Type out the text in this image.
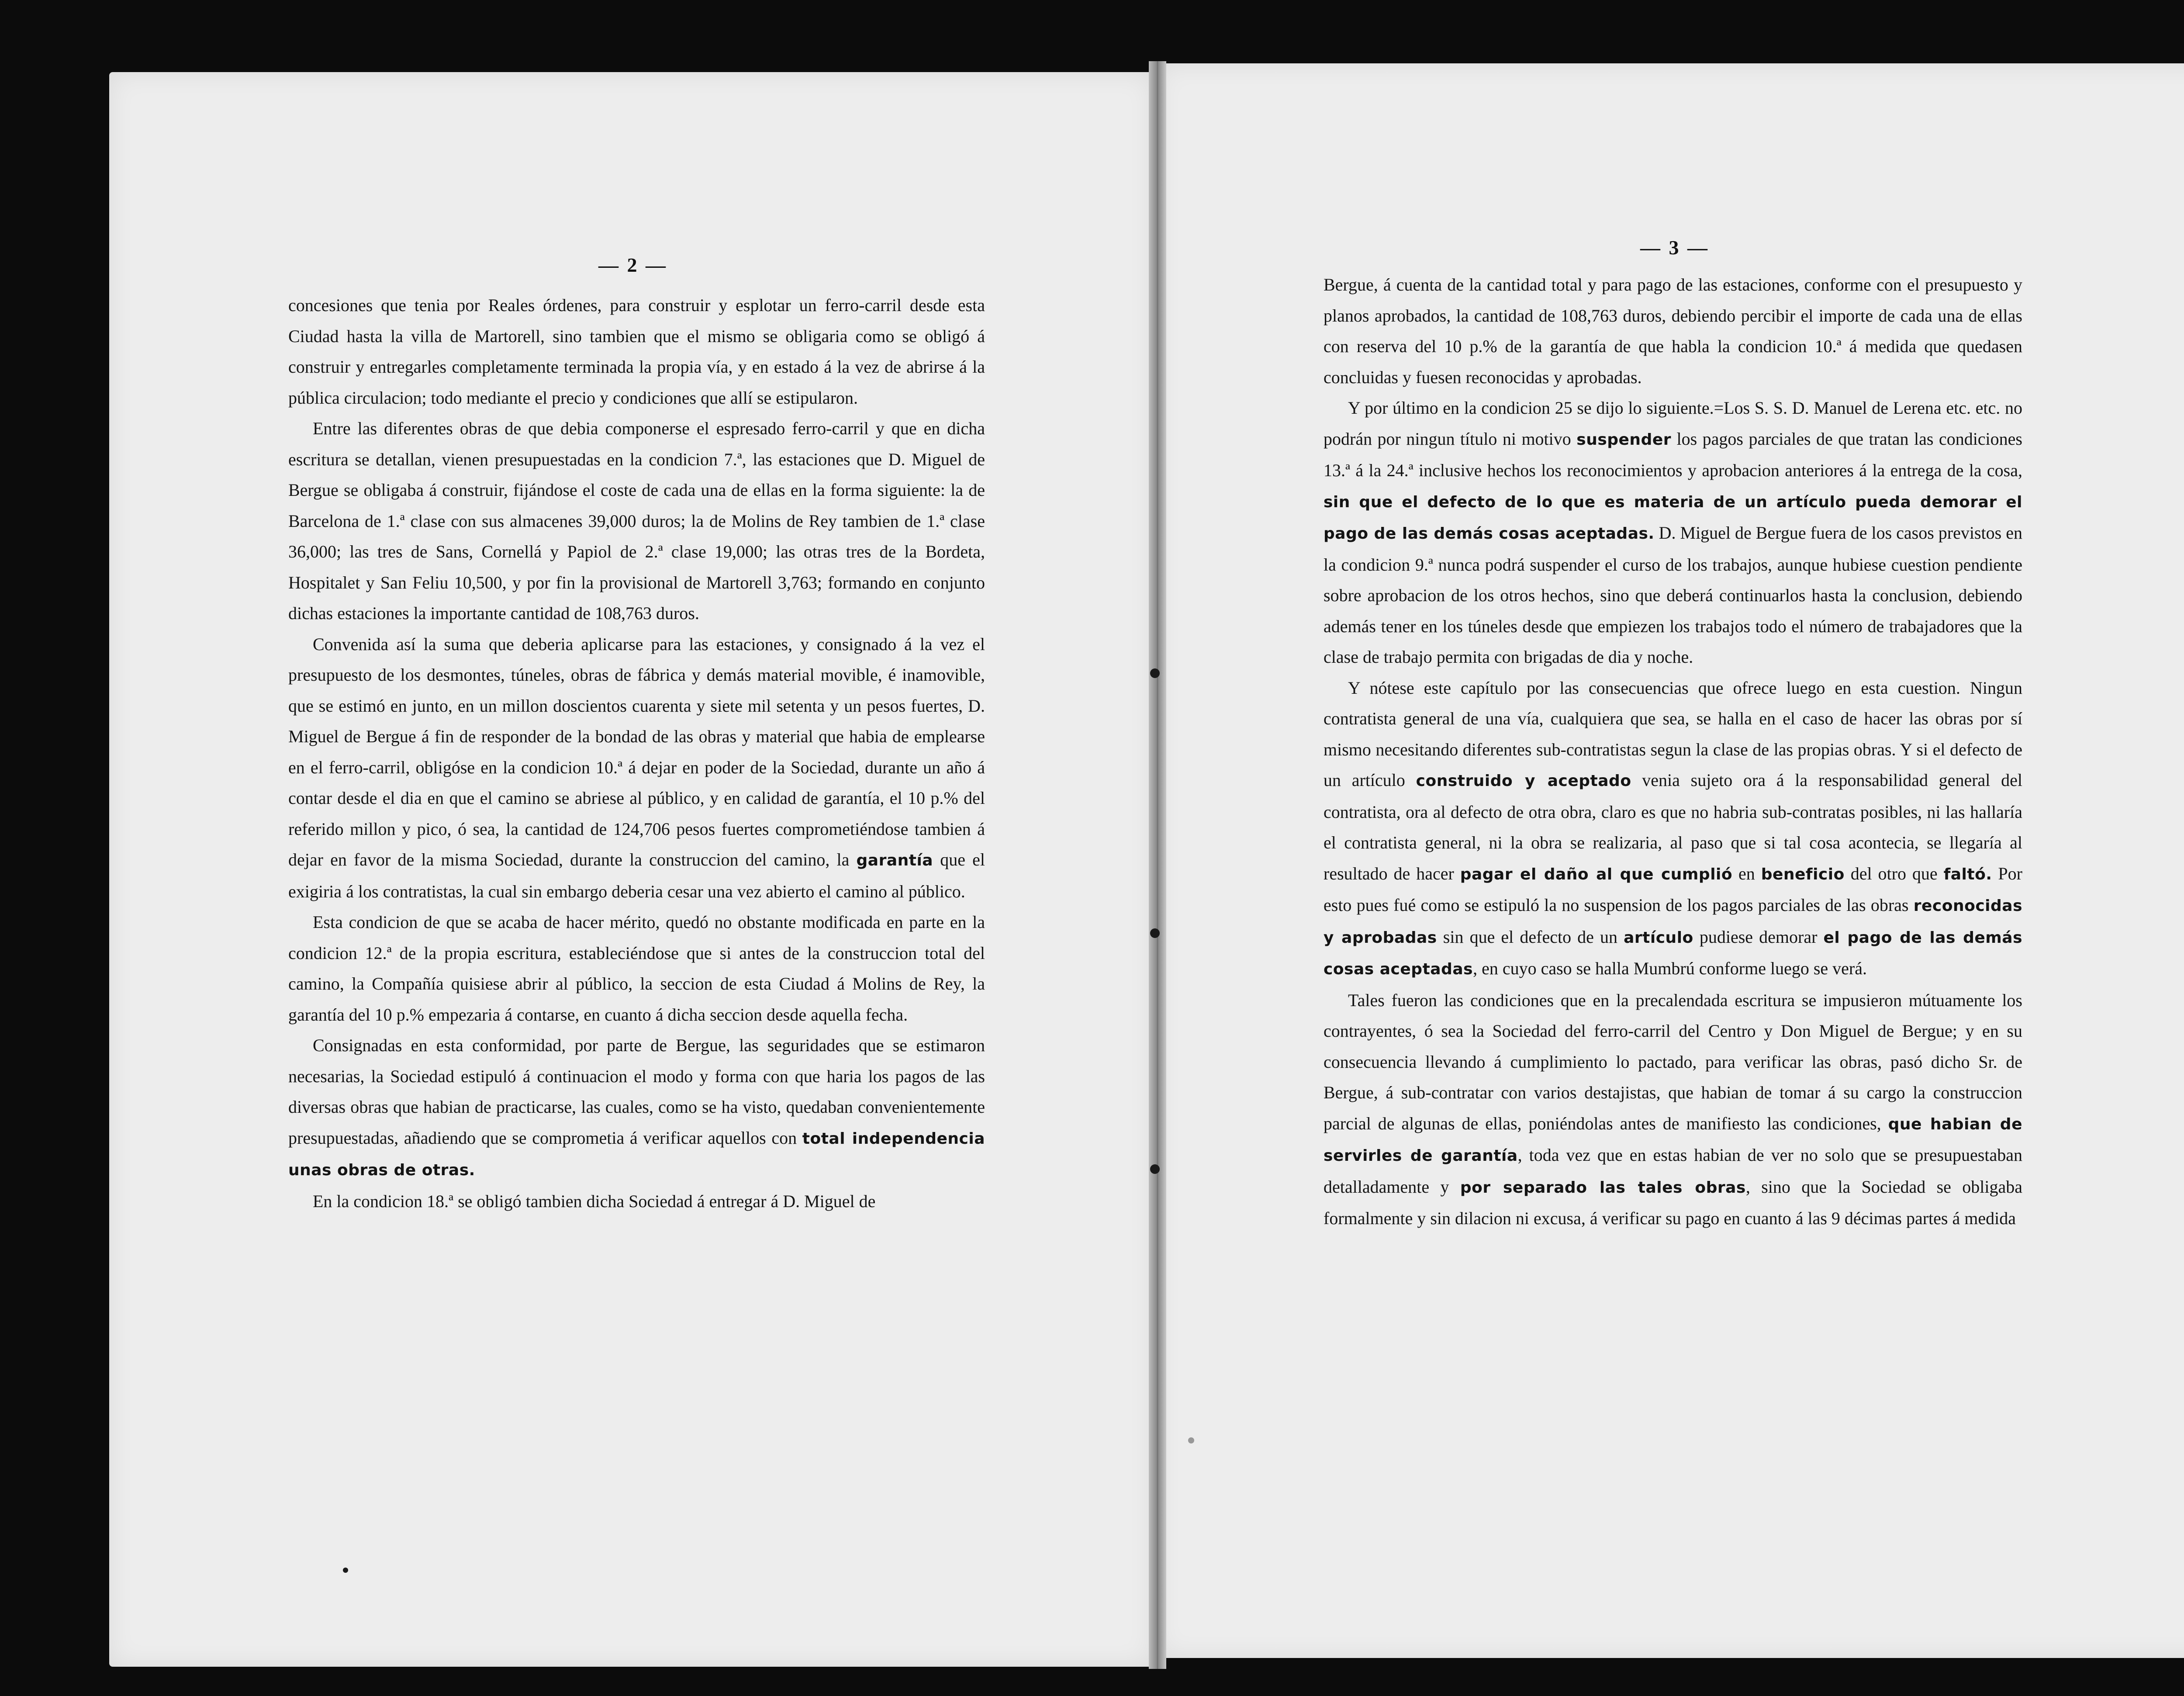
— 2 —
— 3 —

concesiones que tenia por Reales órdenes, para construir y esplotar un ferro-carril desde esta Ciudad hasta la villa de Martorell, sino tambien que el mismo se obligaria como se obligó á construir y entregarles completamente terminada la propia vía, y en estado á la vez de abrirse á la pública circulacion; todo mediante el precio y condiciones que allí se estipularon.

Entre las diferentes obras de que debia componerse el espresado ferro-carril y que en dicha escritura se detallan, vienen presupuestadas en la condicion 7.ª, las estaciones que D. Miguel de Bergue se obligaba á construir, fijándose el coste de cada una de ellas en la forma siguiente: la de Barcelona de 1.ª clase con sus almacenes 39,000 duros; la de Molins de Rey tambien de 1.ª clase 36,000; las tres de Sans, Cornellá y Papiol de 2.ª clase 19,000; las otras tres de la Bordeta, Hospitalet y San Feliu 10,500, y por fin la provisional de Martorell 3,763; formando en conjunto dichas estaciones la importante cantidad de 108,763 duros.

Convenida así la suma que deberia aplicarse para las estaciones, y consignado á la vez el presupuesto de los desmontes, túneles, obras de fábrica y demás material movible, é inamovible, que se estimó en junto, en un millon doscientos cuarenta y siete mil setenta y un pesos fuertes, D. Miguel de Bergue á fin de responder de la bondad de las obras y material que habia de emplearse en el ferro-carril, obligóse en la condicion 10.ª á dejar en poder de la Sociedad, durante un año á contar desde el dia en que el camino se abriese al público, y en calidad de garantía, el 10 p.% del referido millon y pico, ó sea, la cantidad de 124,706 pesos fuertes comprometiéndose tambien á dejar en favor de la misma Sociedad, durante la construccion del camino, la garantía que el exigiria á los contratistas, la cual sin embargo deberia cesar una vez abierto el camino al público.

Esta condicion de que se acaba de hacer mérito, quedó no obstante modificada en parte en la condicion 12.ª de la propia escritura, estableciéndose que si antes de la construccion total del camino, la Compañía quisiese abrir al público, la seccion de esta Ciudad á Molins de Rey, la garantía del 10 p.% empezaria á contarse, en cuanto á dicha seccion desde aquella fecha.

Consignadas en esta conformidad, por parte de Bergue, las seguridades que se estimaron necesarias, la Sociedad estipuló á continuacion el modo y forma con que haria los pagos de las diversas obras que habian de practicarse, las cuales, como se ha visto, quedaban convenientemente presupuestadas, añadiendo que se comprometia á verificar aquellos con total independencia unas obras de otras.

En la condicion 18.ª se obligó tambien dicha Sociedad á entregar á D. Miguel de

Bergue, á cuenta de la cantidad total y para pago de las estaciones, conforme con el presupuesto y planos aprobados, la cantidad de 108,763 duros, debiendo percibir el importe de cada una de ellas con reserva del 10 p.% de la garantía de que habla la condicion 10.ª á medida que quedasen concluidas y fuesen reconocidas y aprobadas.

Y por último en la condicion 25 se dijo lo siguiente.=Los S. S. D. Manuel de Lerena etc. etc. no podrán por ningun título ni motivo suspender los pagos parciales de que tratan las condiciones 13.ª á la 24.ª inclusive hechos los reconocimientos y aprobacion anteriores á la entrega de la cosa, sin que el defecto de lo que es materia de un artículo pueda demorar el pago de las demás cosas aceptadas. D. Miguel de Bergue fuera de los casos previstos en la condicion 9.ª nunca podrá suspender el curso de los trabajos, aunque hubiese cuestion pendiente sobre aprobacion de los otros hechos, sino que deberá continuarlos hasta la conclusion, debiendo además tener en los túneles desde que empiezen los trabajos todo el número de trabajadores que la clase de trabajo permita con brigadas de dia y noche.

Y nótese este capítulo por las consecuencias que ofrece luego en esta cuestion. Ningun contratista general de una vía, cualquiera que sea, se halla en el caso de hacer las obras por sí mismo necesitando diferentes sub-contratistas segun la clase de las propias obras. Y si el defecto de un artículo construido y aceptado venia sujeto ora á la responsabilidad general del contratista, ora al defecto de otra obra, claro es que no habria sub-contratas posibles, ni las hallaría el contratista general, ni la obra se realizaria, al paso que si tal cosa acontecia, se llegaría al resultado de hacer pagar el daño al que cumplió en beneficio del otro que faltó. Por esto pues fué como se estipuló la no suspension de los pagos parciales de las obras reconocidas y aprobadas sin que el defecto de un artículo pudiese demorar el pago de las demás cosas aceptadas, en cuyo caso se halla Mumbrú conforme luego se verá.

Tales fueron las condiciones que en la precalendada escritura se impusieron mútuamente los contrayentes, ó sea la Sociedad del ferro-carril del Centro y Don Miguel de Bergue; y en su consecuencia llevando á cumplimiento lo pactado, para verificar las obras, pasó dicho Sr. de Bergue, á sub-contratar con varios destajistas, que habian de tomar á su cargo la construccion parcial de algunas de ellas, poniéndolas antes de manifiesto las condiciones, que habian de servirles de garantía, toda vez que en estas habian de ver no solo que se presupuestaban detalladamente y por separado las tales obras, sino que la Sociedad se obligaba formalmente y sin dilacion ni excusa, á verificar su pago en cuanto á las 9 décimas partes á medida
